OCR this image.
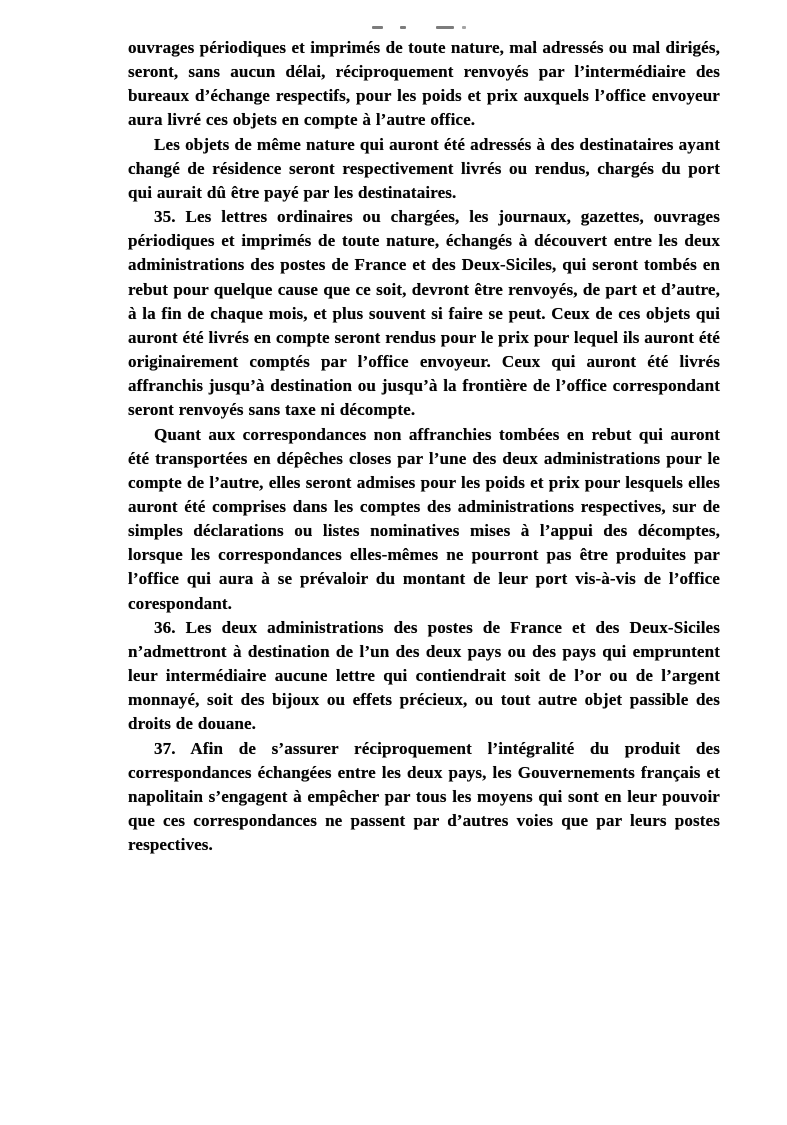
ouvrages périodiques et imprimés de toute nature, mal adressés ou mal dirigés, seront, sans aucun délai, réciproquement renvoyés par l’intermédiaire des bureaux d’échange respectifs, pour les poids et prix auxquels l’office envoyeur aura livré ces objets en compte à l’autre office.

Les objets de même nature qui auront été adressés à des destinataires ayant changé de résidence seront respectivement livrés ou rendus, chargés du port qui aurait dû être payé par les destinataires.

35. Les lettres ordinaires ou chargées, les journaux, gazettes, ouvrages périodiques et imprimés de toute nature, échangés à découvert entre les deux administrations des postes de France et des Deux-Siciles, qui seront tombés en rebut pour quelque cause que ce soit, devront être renvoyés, de part et d’autre, à la fin de chaque mois, et plus souvent si faire se peut. Ceux de ces objets qui auront été livrés en compte seront rendus pour le prix pour lequel ils auront été originairement comptés par l’office envoyeur. Ceux qui auront été livrés affranchis jusqu’à destination ou jusqu’à la frontière de l’office correspondant seront renvoyés sans taxe ni décompte.

Quant aux correspondances non affranchies tombées en rebut qui auront été transportées en dépêches closes par l’une des deux administrations pour le compte de l’autre, elles seront admises pour les poids et prix pour lesquels elles auront été comprises dans les comptes des administrations respectives, sur de simples déclarations ou listes nominatives mises à l’appui des décomptes, lorsque les correspondances elles-mêmes ne pourront pas être produites par l’office qui aura à se prévaloir du montant de leur port vis-à-vis de l’office corespondant.

36. Les deux administrations des postes de France et des Deux-Siciles n’admettront à destination de l’un des deux pays ou des pays qui empruntent leur intermédiaire aucune lettre qui contiendrait soit de l’or ou de l’argent monnayé, soit des bijoux ou effets précieux, ou tout autre objet passible des droits de douane.

37. Afin de s’assurer réciproquement l’intégralité du produit des correspondances échangées entre les deux pays, les Gouvernements français et napolitain s’engagent à empêcher par tous les moyens qui sont en leur pouvoir que ces correspondances ne passent par d’autres voies que par leurs postes respectives.
